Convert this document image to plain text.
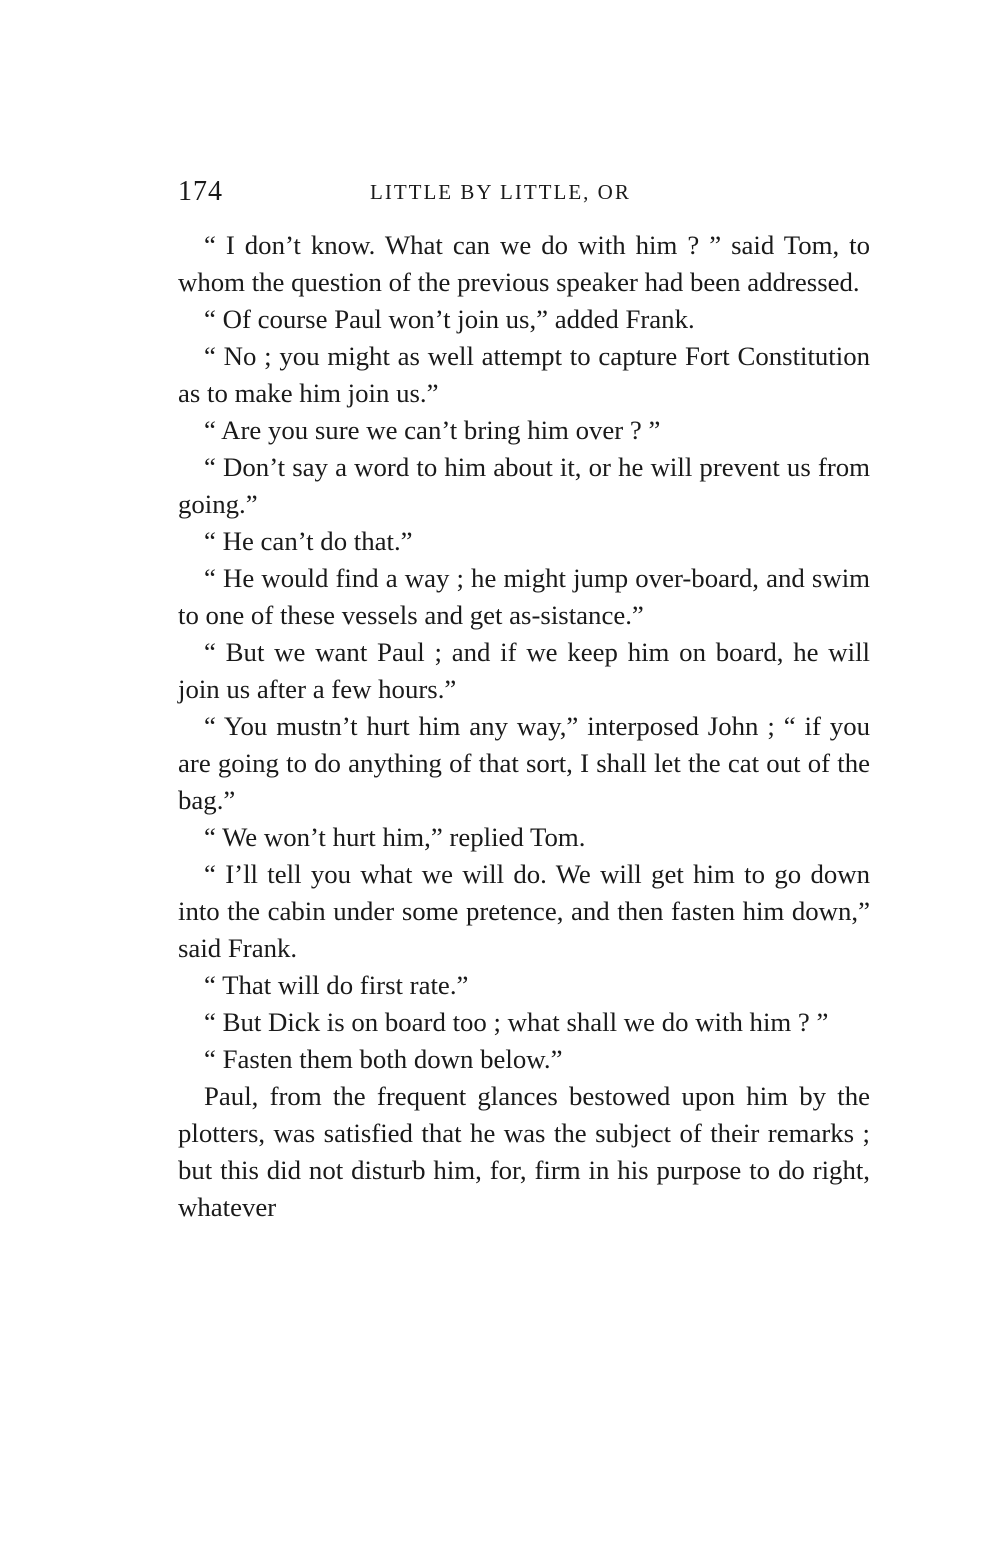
174	LITTLE BY LITTLE, OR

“ I don’t know. What can we do with him ? ” said Tom, to whom the question of the previous speaker had been addressed.

“ Of course Paul won’t join us,” added Frank.

“ No ; you might as well attempt to capture Fort Constitution as to make him join us.”

“ Are you sure we can’t bring him over ? ”

“ Don’t say a word to him about it, or he will prevent us from going.”

“ He can’t do that.”

“ He would find a way ; he might jump over-board, and swim to one of these vessels and get as-sistance.”

“ But we want Paul ; and if we keep him on board, he will join us after a few hours.”

“ You mustn’t hurt him any way,” interposed John ; “ if you are going to do anything of that sort, I shall let the cat out of the bag.”

“ We won’t hurt him,” replied Tom.

“ I’ll tell you what we will do. We will get him to go down into the cabin under some pretence, and then fasten him down,” said Frank.

“ That will do first rate.”

“ But Dick is on board too ; what shall we do with him ? ”

“ Fasten them both down below.”

Paul, from the frequent glances bestowed upon him by the plotters, was satisfied that he was the subject of their remarks ; but this did not disturb him, for, firm in his purpose to do right, whatever
